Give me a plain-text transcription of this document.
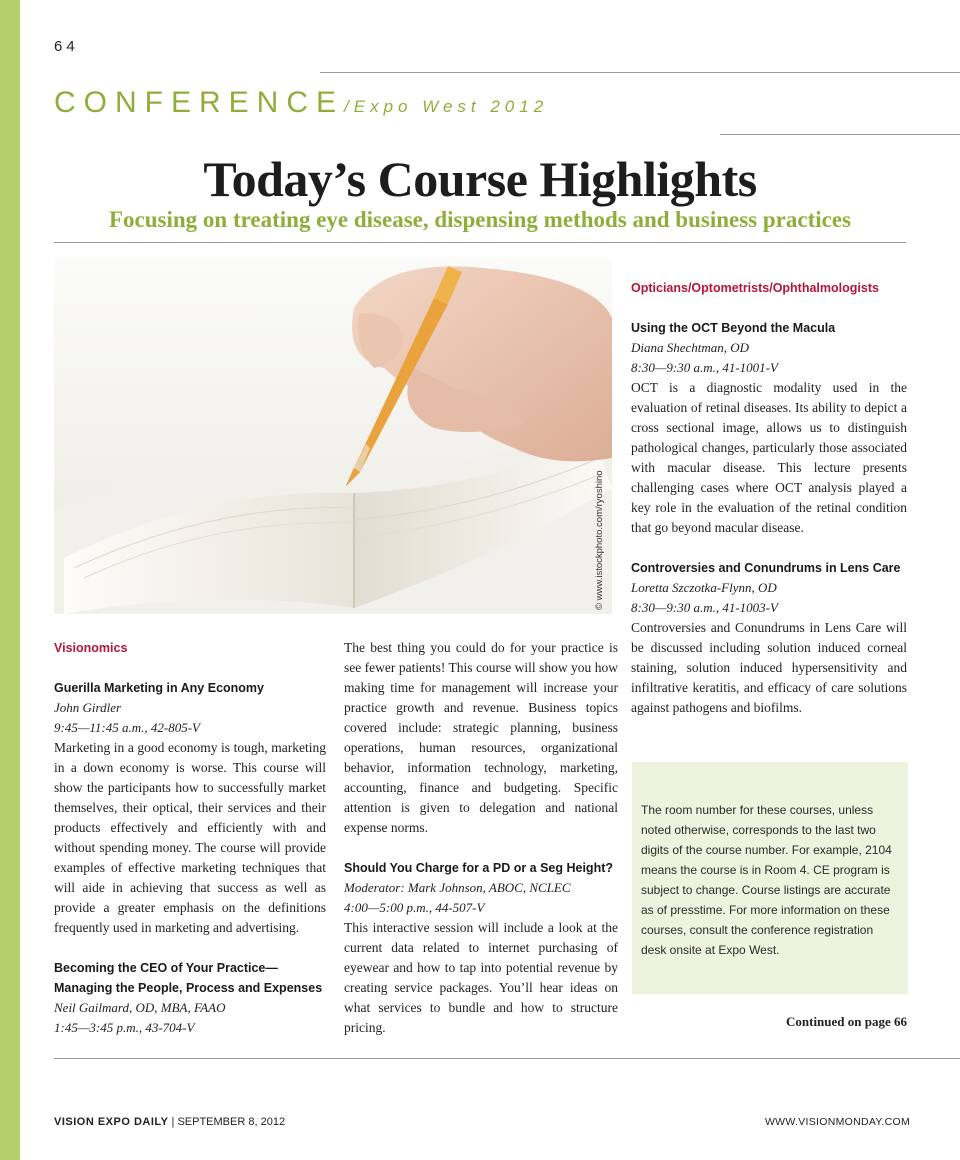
64
CONFERENCE/Expo West 2012
Today’s Course Highlights
Focusing on treating eye disease, dispensing methods and business practices
© www.istockphoto.com/ryoshino
Visionomics
Guerilla Marketing in Any Economy
John Girdler
9:45—11:45 a.m., 42-805-V

Marketing in a good economy is tough, marketing in a down economy is worse. This course will show the participants how to successfully market themselves, their optical, their services and their products effectively and efficiently with and without spending money. The course will provide examples of effective marketing techniques that will aide in achieving that success as well as provide a greater emphasis on the definitions frequently used in marketing and advertising.

Becoming the CEO of Your Practice—Managing the People, Process and Expenses
Neil Gailmard, OD, MBA, FAAO
1:45—3:45 p.m., 43-704-V

The best thing you could do for your practice is see fewer patients! This course will show you how making time for management will increase your practice growth and revenue. Business topics covered include: strategic planning, business operations, human resources, organizational behavior, information technology, marketing, accounting, finance and budgeting. Specific attention is given to delegation and national expense norms.

Should You Charge for a PD or a Seg Height?
Moderator: Mark Johnson, ABOC, NCLEC
4:00—5:00 p.m., 44-507-V

This interactive session will include a look at the current data related to internet purchasing of eyewear and how to tap into potential revenue by creating service packages. You’ll hear ideas on what services to bundle and how to structure pricing.

Opticians/Optometrists/Ophthalmologists
Using the OCT Beyond the Macula
Diana Shechtman, OD
8:30—9:30 a.m., 41-1001-V

OCT is a diagnostic modality used in the evaluation of retinal diseases. Its ability to depict a cross sectional image, allows us to distinguish pathological changes, particularly those associated with macular disease. This lecture presents challenging cases where OCT analysis played a key role in the evaluation of the retinal condition that go beyond macular disease.

Controversies and Conundrums in Lens Care
Loretta Szczotka-Flynn, OD
8:30—9:30 a.m., 41-1003-V

Controversies and Conundrums in Lens Care will be discussed including solution induced corneal staining, solution induced hypersensitivity and infiltrative keratitis, and efficacy of care solutions against pathogens and biofilms.

The room number for these courses, unless noted otherwise, corresponds to the last two digits of the course number. For example, 2104 means the course is in Room 4. CE program is subject to change. Course listings are accurate as of presstime. For more information on these courses, consult the conference registration desk onsite at Expo West.

Continued on page 66
VISION EXPO DAILY | SEPTEMBER 8, 2012	WWW.VISIONMONDAY.COM
